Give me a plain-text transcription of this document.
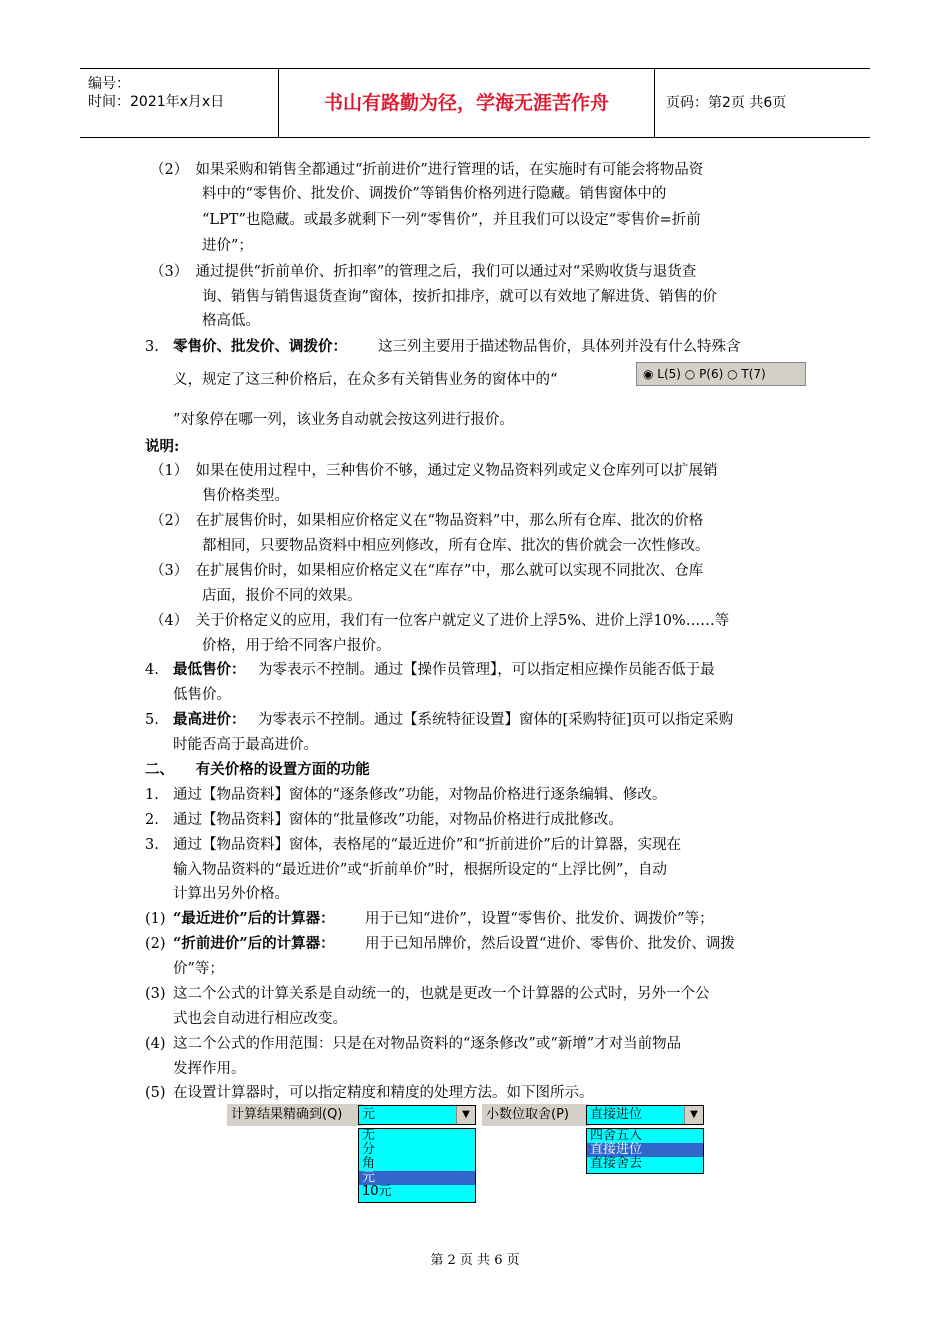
编号：
时间：2021年x月x日	书山有路勤为径，学海无涯苦作舟	页码：第2页 共6页
（2）　如果采购和销售全都通过“折前进价”进行管理的话，在实施时有可能会将物品资
料中的“零售价、批发价、调拨价”等销售价格列进行隐藏。销售窗体中的
“LPT”也隐藏。或最多就剩下一列“零售价”，并且我们可以设定“零售价=折前
进价”；
（3）　通过提供“折前单价、折扣率”的管理之后，我们可以通过对“采购收货与退货查
询、销售与销售退货查询”窗体，按折扣排序，就可以有效地了解进货、销售的价
格高低。
3. 零售价、批发价、调拨价： 这三列主要用于描述物品售价，具体列并没有什么特殊含
义，规定了这三种价格后，在众多有关销售业务的窗体中的“	◉ L(5) ○ P(6) ○ T(7)
”对象停在哪一列，该业务自动就会按这列进行报价。
说明:
（1）　如果在使用过程中，三种售价不够，通过定义物品资料列或定义仓库列可以扩展销
售价格类型。
（2）　在扩展售价时，如果相应价格定义在“物品资料”中，那么所有仓库、批次的价格
都相同，只要物品资料中相应列修改，所有仓库、批次的售价就会一次性修改。
（3）　在扩展售价时，如果相应价格定义在“库存”中，那么就可以实现不同批次、仓库
店面，报价不同的效果。
（4）　关于价格定义的应用，我们有一位客户就定义了进价上浮5%、进价上浮10%……等
价格，用于给不同客户报价。
4. 最低售价： 为零表示不控制。通过【操作员管理】，可以指定相应操作员能否低于最
低售价。
5. 最高进价： 为零表示不控制。通过【系统特征设置】窗体的[采购特征]页可以指定采购
时能否高于最高进价。
二、　　有关价格的设置方面的功能
1. 通过【物品资料】窗体的“逐条修改”功能，对物品价格进行逐条编辑、修改。
2. 通过【物品资料】窗体的“批量修改”功能，对物品价格进行成批修改。
3. 通过【物品资料】窗体，表格尾的“最近进价”和“折前进价”后的计算器，实现在
输入物品资料的“最近进价”或“折前单价”时，根据所设定的“上浮比例”，自动
计算出另外价格。
(1) “最近进价”后的计算器： 用于已知“进价”，设置“零售价、批发价、调拨价”等；
(2) “折前进价”后的计算器： 用于已知吊牌价，然后设置“进价、零售价、批发价、调拨
价”等；
(3) 这二个公式的计算关系是自动统一的，也就是更改一个计算器的公式时，另外一个公
式也会自动进行相应改变。
(4) 这二个公式的作用范围：只是在对物品资料的“逐条修改”或“新增”才对当前物品
发挥作用。
(5) 在设置计算器时，可以指定精度和精度的处理方法。如下图所示。
计算结果精确到(Q)	元	▼
无
分
角
元
10元
小数位取舍(P)	直接进位	▼
四舍五入
直接进位
直接舍去
第 2 页 共 6 页
